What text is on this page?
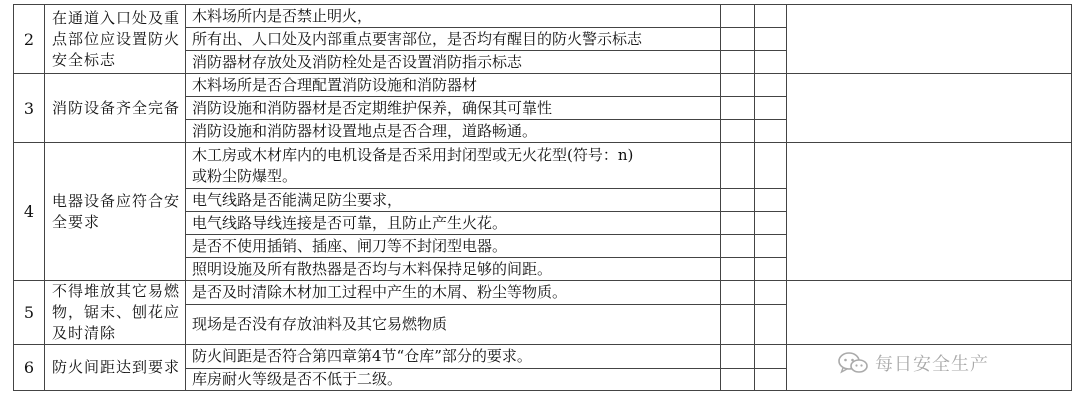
2	在通道入口处及重点部位应设置防火安全标志	木料场所内是否禁止明火，			
		所有出、人口处及内部重点要害部位，是否均有醒目的防火警示标志			
		消防器材存放处及消防栓处是否设置消防指示标志			
3	消防设备齐全完备	木料场所是否合理配置消防设施和消防器材			
		消防设施和消防器材是否定期维护保养，确保其可靠性			
		消防设施和消防器材设置地点是否合理，道路畅通。			
4	电器设备应符合安全要求	木工房或木材库内的电机设备是否采用封闭型或无火花型(符号：n)
或粉尘防爆型。			

		电气线路是否能满足防尘要求，			
		电气线路导线连接是否可靠，且防止产生火花。			
		是否不使用插销、插座、闸刀等不封闭型电器。			
		照明设施及所有散热器是否均与木料保持足够的间距。			
5	不得堆放其它易燃物，锯末、刨花应及时清除	是否及时清除木材加工过程中产生的木屑、粉尘等物质。			
		现场是否没有存放油料及其它易燃物质			
6	防火间距达到要求	防火间距是否符合第四章第4节“仓库”部分的要求。			
		库房耐火等级是否不低于二级。			
每日安全生产
